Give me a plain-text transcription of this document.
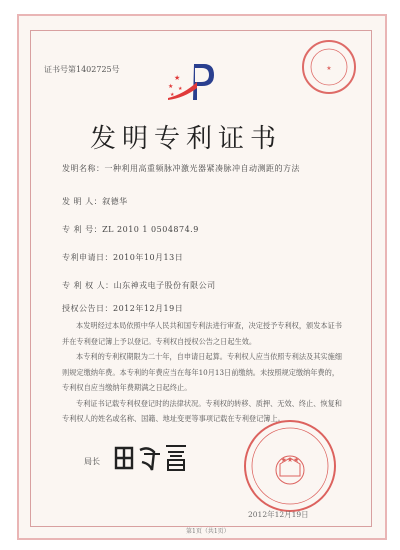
证书号第1402725号	★
★
★ ★
★
发明专利证书
发明名称：一种利用高重频脉冲激光器紧凑脉冲自动测距的方法
发 明 人：叙德华
专 利 号：ZL 2010 1 0504874.9
专利申请日：2010年10月13日
专 利 权 人：山东神戎电子股份有限公司
授权公告日：2012年12月19日
本发明经过本局依照中华人民共和国专利法进行审查，决定授予专利权，颁发本证书
并在专利登记簿上予以登记。专利权自授权公告之日起生效。
本专利的专利权期限为二十年，自申请日起算。专利权人应当依照专利法及其实施细
则规定缴纳年费。本专利的年费应当在每年10月13日前缴纳。未按照规定缴纳年费的，
专利权自应当缴纳年费期满之日起终止。
专利证书记载专利权登记时的法律状况。专利权的转移、质押、无效、终止、恢复和
专利权人的姓名或名称、国籍、地址变更等事项记载在专利登记簿上。
局长	★★★
2012年12月19日
第1页（共1页）
